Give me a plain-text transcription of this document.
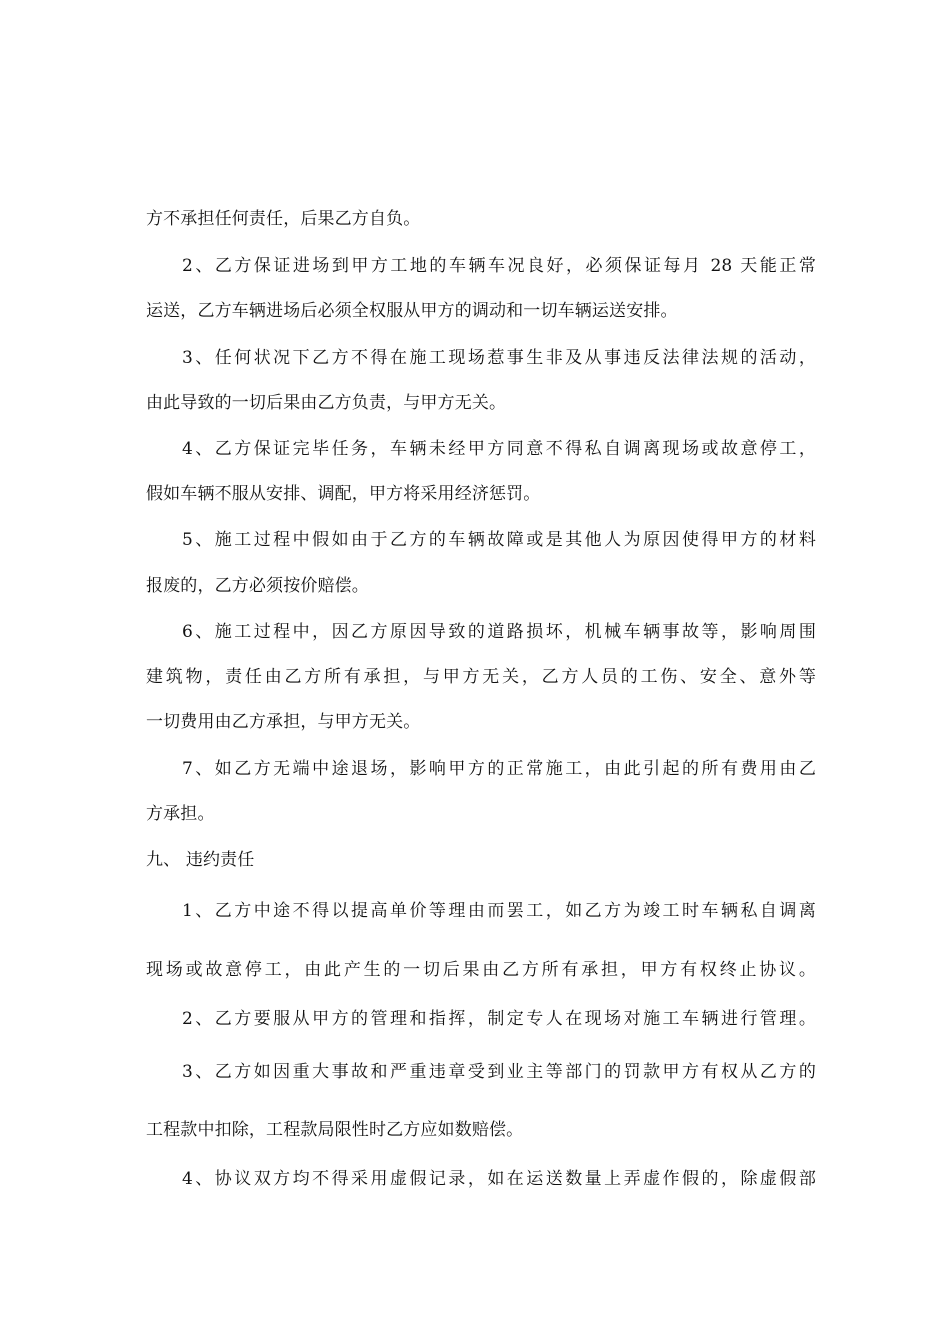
方不承担任何责任，后果乙方自负。
2、乙方保证进场到甲方工地的车辆车况良好，必须保证每月 28 天能正常
运送，乙方车辆进场后必须全权服从甲方的调动和一切车辆运送安排。
3、任何状况下乙方不得在施工现场惹事生非及从事违反法律法规的活动，
由此导致的一切后果由乙方负责，与甲方无关。
4、乙方保证完毕任务，车辆未经甲方同意不得私自调离现场或故意停工，
假如车辆不服从安排、调配，甲方将采用经济惩罚。
5、施工过程中假如由于乙方的车辆故障或是其他人为原因使得甲方的材料
报废的，乙方必须按价赔偿。
6、施工过程中，因乙方原因导致的道路损坏，机械车辆事故等，影响周围
建筑物，责任由乙方所有承担，与甲方无关，乙方人员的工伤、安全、意外等
一切费用由乙方承担，与甲方无关。
7、如乙方无端中途退场，影响甲方的正常施工，由此引起的所有费用由乙
方承担。
九、 违约责任
1、乙方中途不得以提高单价等理由而罢工，如乙方为竣工时车辆私自调离
现场或故意停工，由此产生的一切后果由乙方所有承担，甲方有权终止协议。
2、乙方要服从甲方的管理和指挥，制定专人在现场对施工车辆进行管理。
3、乙方如因重大事故和严重违章受到业主等部门的罚款甲方有权从乙方的
工程款中扣除，工程款局限性时乙方应如数赔偿。
4、协议双方均不得采用虚假记录，如在运送数量上弄虚作假的，除虚假部
